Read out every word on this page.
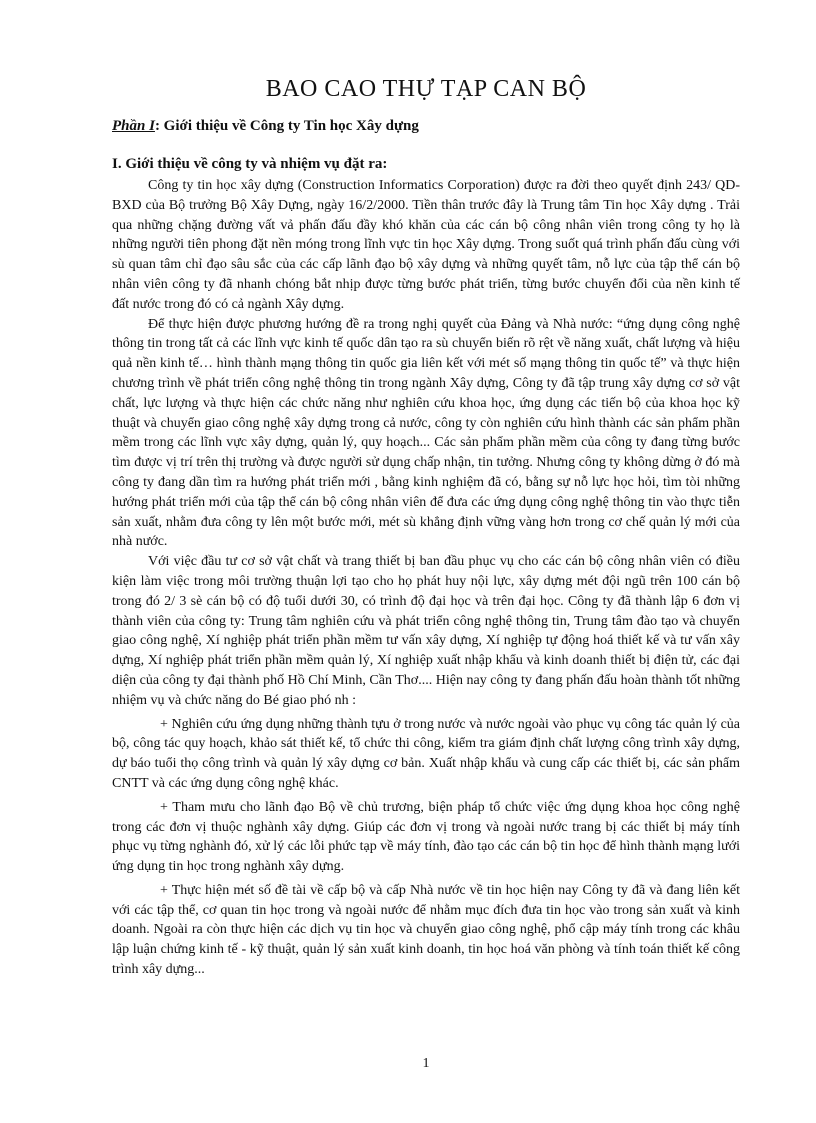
BAO CAO THỰ TẠP CAN BỘ
Phần I: Giới thiệu về Công ty Tin học Xây dựng
I. Giới thiệu về công ty và nhiệm vụ đặt ra:

Công ty tin học xây dựng (Construction Informatics Corporation) được ra đời theo quyết định 243/ QD-BXD của Bộ trưởng Bộ Xây Dựng, ngày 16/2/2000. Tiền thân trước đây là Trung tâm Tin học Xây dựng . Trải qua những chặng đường vất vả phấn đấu đầy khó khăn của các cán bộ công nhân viên trong công ty họ là những người tiên phong đặt nền móng trong lĩnh vực tin học Xây dựng. Trong suốt quá trình phấn đấu cùng với sù quan tâm chỉ đạo sâu sắc của các cấp lãnh đạo bộ xây dựng và những quyết tâm, nỗ lực của tập thể cán bộ nhân viên công ty đã nhanh chóng bắt nhịp được từng bước phát triển, từng bước chuyển đổi của nền kinh tế đất nước trong đó có cả ngành Xây dựng.

Để thực hiện được phương hướng đề ra trong nghị quyết của Đảng và Nhà nước: “ứng dụng công nghệ thông tin trong tất cả các lĩnh vực kinh tế quốc dân tạo ra sù chuyển biến rõ rệt về năng xuất, chất lượng và hiệu quả nền kinh tế… hình thành mạng thông tin quốc gia liên kết với mét số mạng thông tin quốc tế” và thực hiện chương trình về phát triển công nghệ thông tin trong ngành Xây dựng, Công ty đã tập trung xây dựng cơ sở vật chất, lực lượng và thực hiện các chức năng như nghiên cứu khoa học, ứng dụng các tiến bộ của khoa học kỹ thuật và chuyển giao công nghệ xây dựng trong cả nước, công ty còn nghiên cứu hình thành các sản phẩm phần mềm trong các lĩnh vực xây dựng, quản lý, quy hoạch... Các sản phẩm phần mềm của công ty đang từng bước tìm được vị trí trên thị trường và được người sử dụng chấp nhận, tin tưởng. Nhưng công ty không dừng ở đó mà công ty đang dần tìm ra hướng phát triển mới , bằng kinh nghiệm đã có, bằng sự nỗ lực học hỏi, tìm tòi những hướng phát triển mới của tập thể cán bộ công nhân viên để đưa các ứng dụng công nghệ thông tin vào thực tiễn sản xuất, nhằm đưa công ty lên một bước mới, mét sù khẳng định vững vàng hơn trong cơ chế quản lý mới của nhà nước.

Với việc đầu tư cơ sở vật chất và trang thiết bị ban đầu phục vụ cho các cán bộ công nhân viên có điều kiện làm việc trong môi trường thuận lợi tạo cho họ phát huy nội lực, xây dựng mét đội ngũ trên 100 cán bộ trong đó 2/ 3 sè cán bộ có độ tuổi dưới 30, có trình độ đại học và trên đại học. Công ty đã thành lập 6 đơn vị thành viên của công ty: Trung tâm nghiên cứu và phát triển công nghệ thông tin, Trung tâm đào tạo và chuyển giao công nghệ, Xí nghiệp phát triển phần mềm tư vấn xây dựng, Xí nghiệp tự động hoá thiết kế và tư vấn xây dựng, Xí nghiệp phát triển phần mềm quản lý, Xí nghiệp xuất nhập khẩu và kinh doanh thiết bị điện tử, các đại diện của công ty đại thành phố Hồ Chí Minh, Cần Thơ.... Hiện nay công ty đang phấn đấu hoàn thành tốt những nhiệm vụ và chức năng do Bé giao phó nh :

+ Nghiên cứu ứng dụng những thành tựu ở trong nước và nước ngoài vào phục vụ công tác quản lý của bộ, công tác quy hoạch, khảo sát thiết kế, tổ chức thi công, kiểm tra giám định chất lượng công trình xây dựng, dự báo tuổi thọ công trình và quản lý xây dựng cơ bản. Xuất nhập khẩu và cung cấp các thiết bị, các sản phẩm CNTT và các ứng dụng công nghệ khác.

+ Tham mưu cho lãnh đạo Bộ về chủ trương, biện pháp tổ chức việc ứng dụng khoa học công nghệ trong các đơn vị thuộc nghành xây dựng. Giúp các đơn vị trong và ngoài nước trang bị các thiết bị máy tính phục vụ từng nghành đó, xử lý các lỗi phức tạp về máy tính, đào tạo các cán bộ tin học để hình thành mạng lưới ứng dụng tin học trong nghành xây dựng.

+ Thực hiện mét số đề tài về cấp bộ và cấp Nhà nước về tin học hiện nay Công ty đã và đang liên kết với các tập thể, cơ quan tin học trong và ngoài nước để nhằm mục đích đưa tin học vào trong sản xuất và kinh doanh. Ngoài ra còn thực hiện các dịch vụ tin học và chuyển giao công nghệ, phổ cập máy tính trong các khâu lập luận chứng kinh tế - kỹ thuật, quản lý sản xuất kinh doanh, tin học hoá văn phòng và tính toán thiết kế công trình xây dựng...

1
